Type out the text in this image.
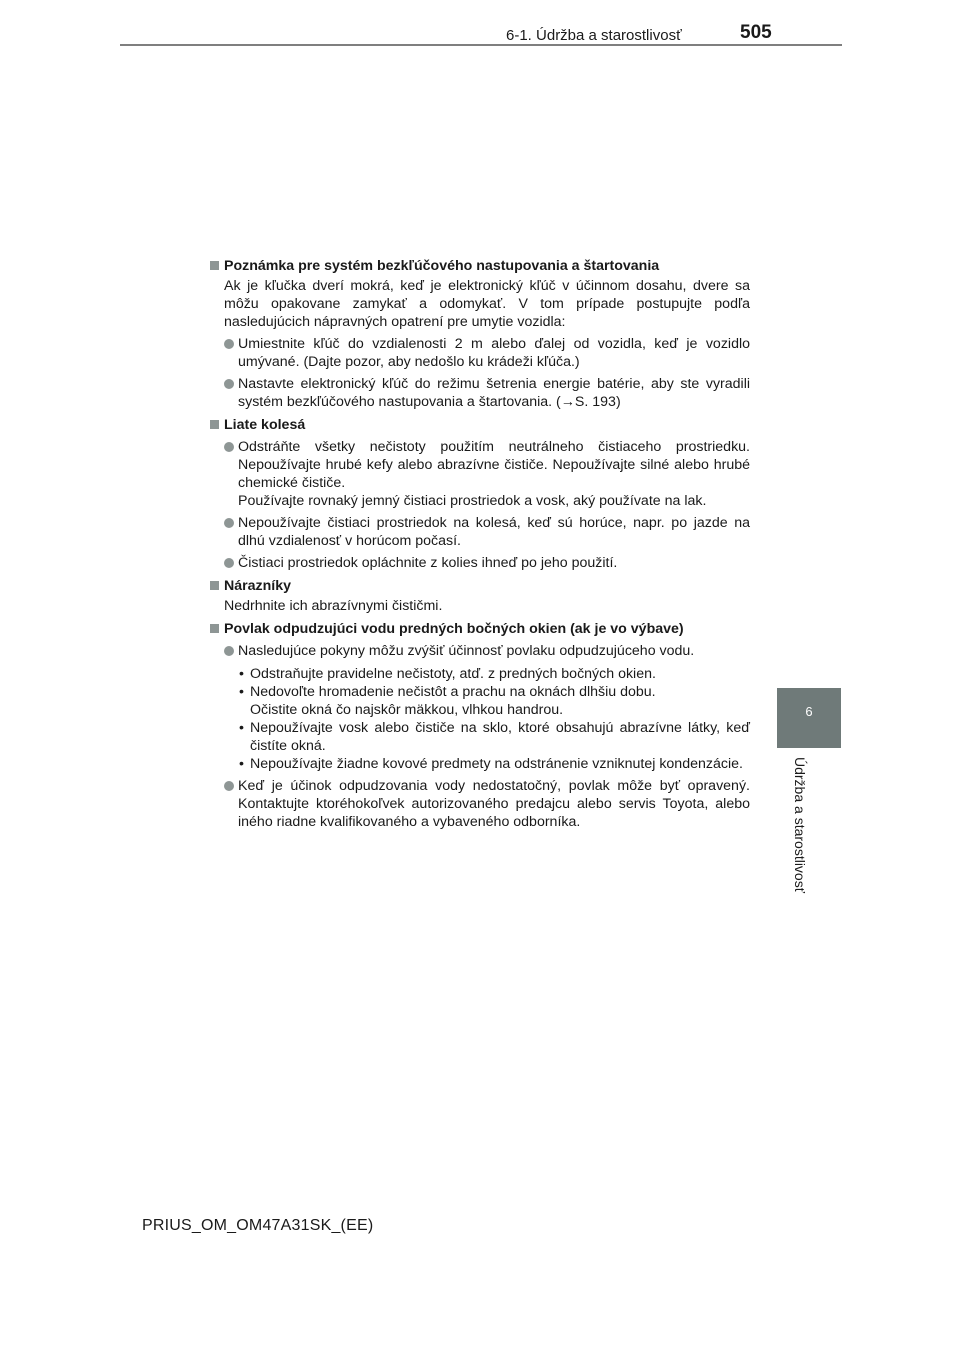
6-1. Údržba a starostlivosť	505
6
Údržba a starostlivosť
Poznámka pre systém bezkľúčového nastupovania a štartovania
Ak je kľučka dverí mokrá, keď je elektronický kľúč v účinnom dosahu, dvere sa môžu opakovane zamykať a odomykať. V tom prípade postupujte podľa nasledujúcich nápravných opatrení pre umytie vozidla:
Umiestnite kľúč do vzdialenosti 2 m alebo ďalej od vozidla, keď je vozidlo umývané. (Dajte pozor, aby nedošlo ku krádeži kľúča.)
Nastavte elektronický kľúč do režimu šetrenia energie batérie, aby ste vyradili systém bezkľúčového nastupovania a štartovania. (→S. 193)
Liate kolesá
Odstráňte všetky nečistoty použitím neutrálneho čistiaceho prostriedku. Nepoužívajte hrubé kefy alebo abrazívne čističe. Nepoužívajte silné alebo hrubé chemické čističe.
Používajte rovnaký jemný čistiaci prostriedok a vosk, aký používate na lak.
Nepoužívajte čistiaci prostriedok na kolesá, keď sú horúce, napr. po jazde na dlhú vzdialenosť v horúcom počasí.
Čistiaci prostriedok opláchnite z kolies ihneď po jeho použití.
Nárazníky
Nedrhnite ich abrazívnymi čističmi.
Povlak odpudzujúci vodu predných bočných okien (ak je vo výbave)
Nasledujúce pokyny môžu zvýšiť účinnosť povlaku odpudzujúceho vodu.
• Odstraňujte pravidelne nečistoty, atď. z predných bočných okien.
• Nedovoľte hromadenie nečistôt a prachu na oknách dlhšiu dobu.
Očistite okná čo najskôr mäkkou, vlhkou handrou.
• Nepoužívajte vosk alebo čističe na sklo, ktoré obsahujú abrazívne látky, keď čistíte okná.
• Nepoužívajte žiadne kovové predmety na odstránenie vzniknutej kondenzácie.
Keď je účinok odpudzovania vody nedostatočný, povlak môže byť opravený. Kontaktujte ktoréhokoľvek autorizovaného predajcu alebo servis Toyota, alebo iného riadne kvalifikovaného a vybaveného odborníka.
PRIUS_OM_OM47A31SK_(EE)
